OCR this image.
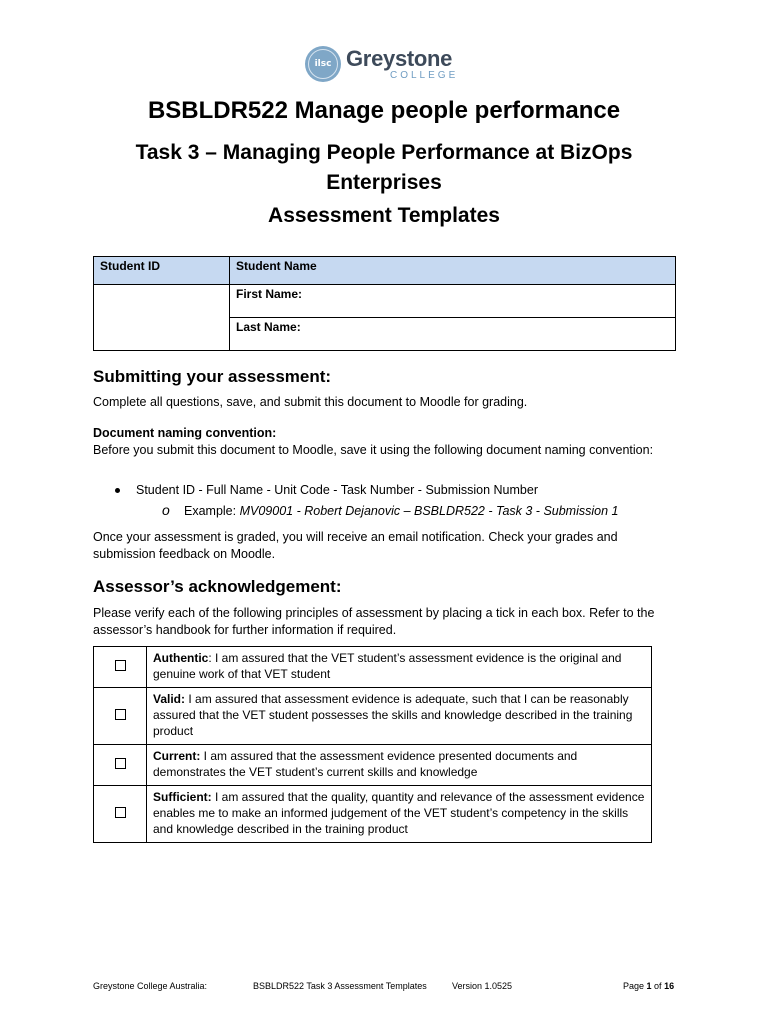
ilsc Greystone
COLLEGE
BSBLDR522 Manage people performance
Task 3 – Managing People Performance at BizOps Enterprises
Assessment Templates
Student ID	Student Name
	First Name:
	Last Name:
Submitting your assessment:
Complete all questions, save, and submit this document to Moodle for grading.
Document naming convention:
Before you submit this document to Moodle, save it using the following document naming convention:
Student ID - Full Name - Unit Code - Task Number - Submission Number
o Example: MV09001 - Robert Dejanovic – BSBLDR522 - Task 3 - Submission 1
Once your assessment is graded, you will receive an email notification. Check your grades and submission feedback on Moodle.
Assessor’s acknowledgement:
Please verify each of the following principles of assessment by placing a tick in each box. Refer to the assessor’s handbook for further information if required.
	Authentic: I am assured that the VET student’s assessment evidence is the original and genuine work of that VET student
	Valid: I am assured that assessment evidence is adequate, such that I can be reasonably assured that the VET student possesses the skills and knowledge described in the training product
	Current: I am assured that the assessment evidence presented documents and demonstrates the VET student’s current skills and knowledge
	Sufficient: I am assured that the quality, quantity and relevance of the assessment evidence enables me to make an informed judgement of the VET student’s competency in the skills and knowledge described in the training product
Greystone College Australia:	BSBLDR522 Task 3 Assessment Templates	Version 1.0525	Page 1 of 16
